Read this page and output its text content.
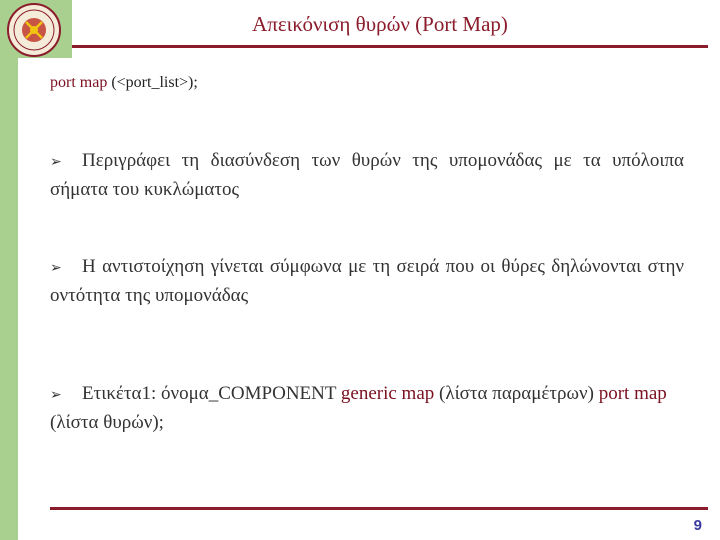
Απεικόνιση θυρών (Port Map)
port map (<port_list>);
➢ Περιγράφει τη διασύνδεση των θυρών της υπομονάδας με τα υπόλοιπα σήματα του κυκλώματος
➢ Η αντιστοίχηση γίνεται σύμφωνα με τη σειρά που οι θύρες δηλώνονται στην οντότητα της υπομονάδας
➢ Ετικέτα1: όνομα_COMPONENT generic map (λίστα παραμέτρων) port map (λίστα θυρών);
9
